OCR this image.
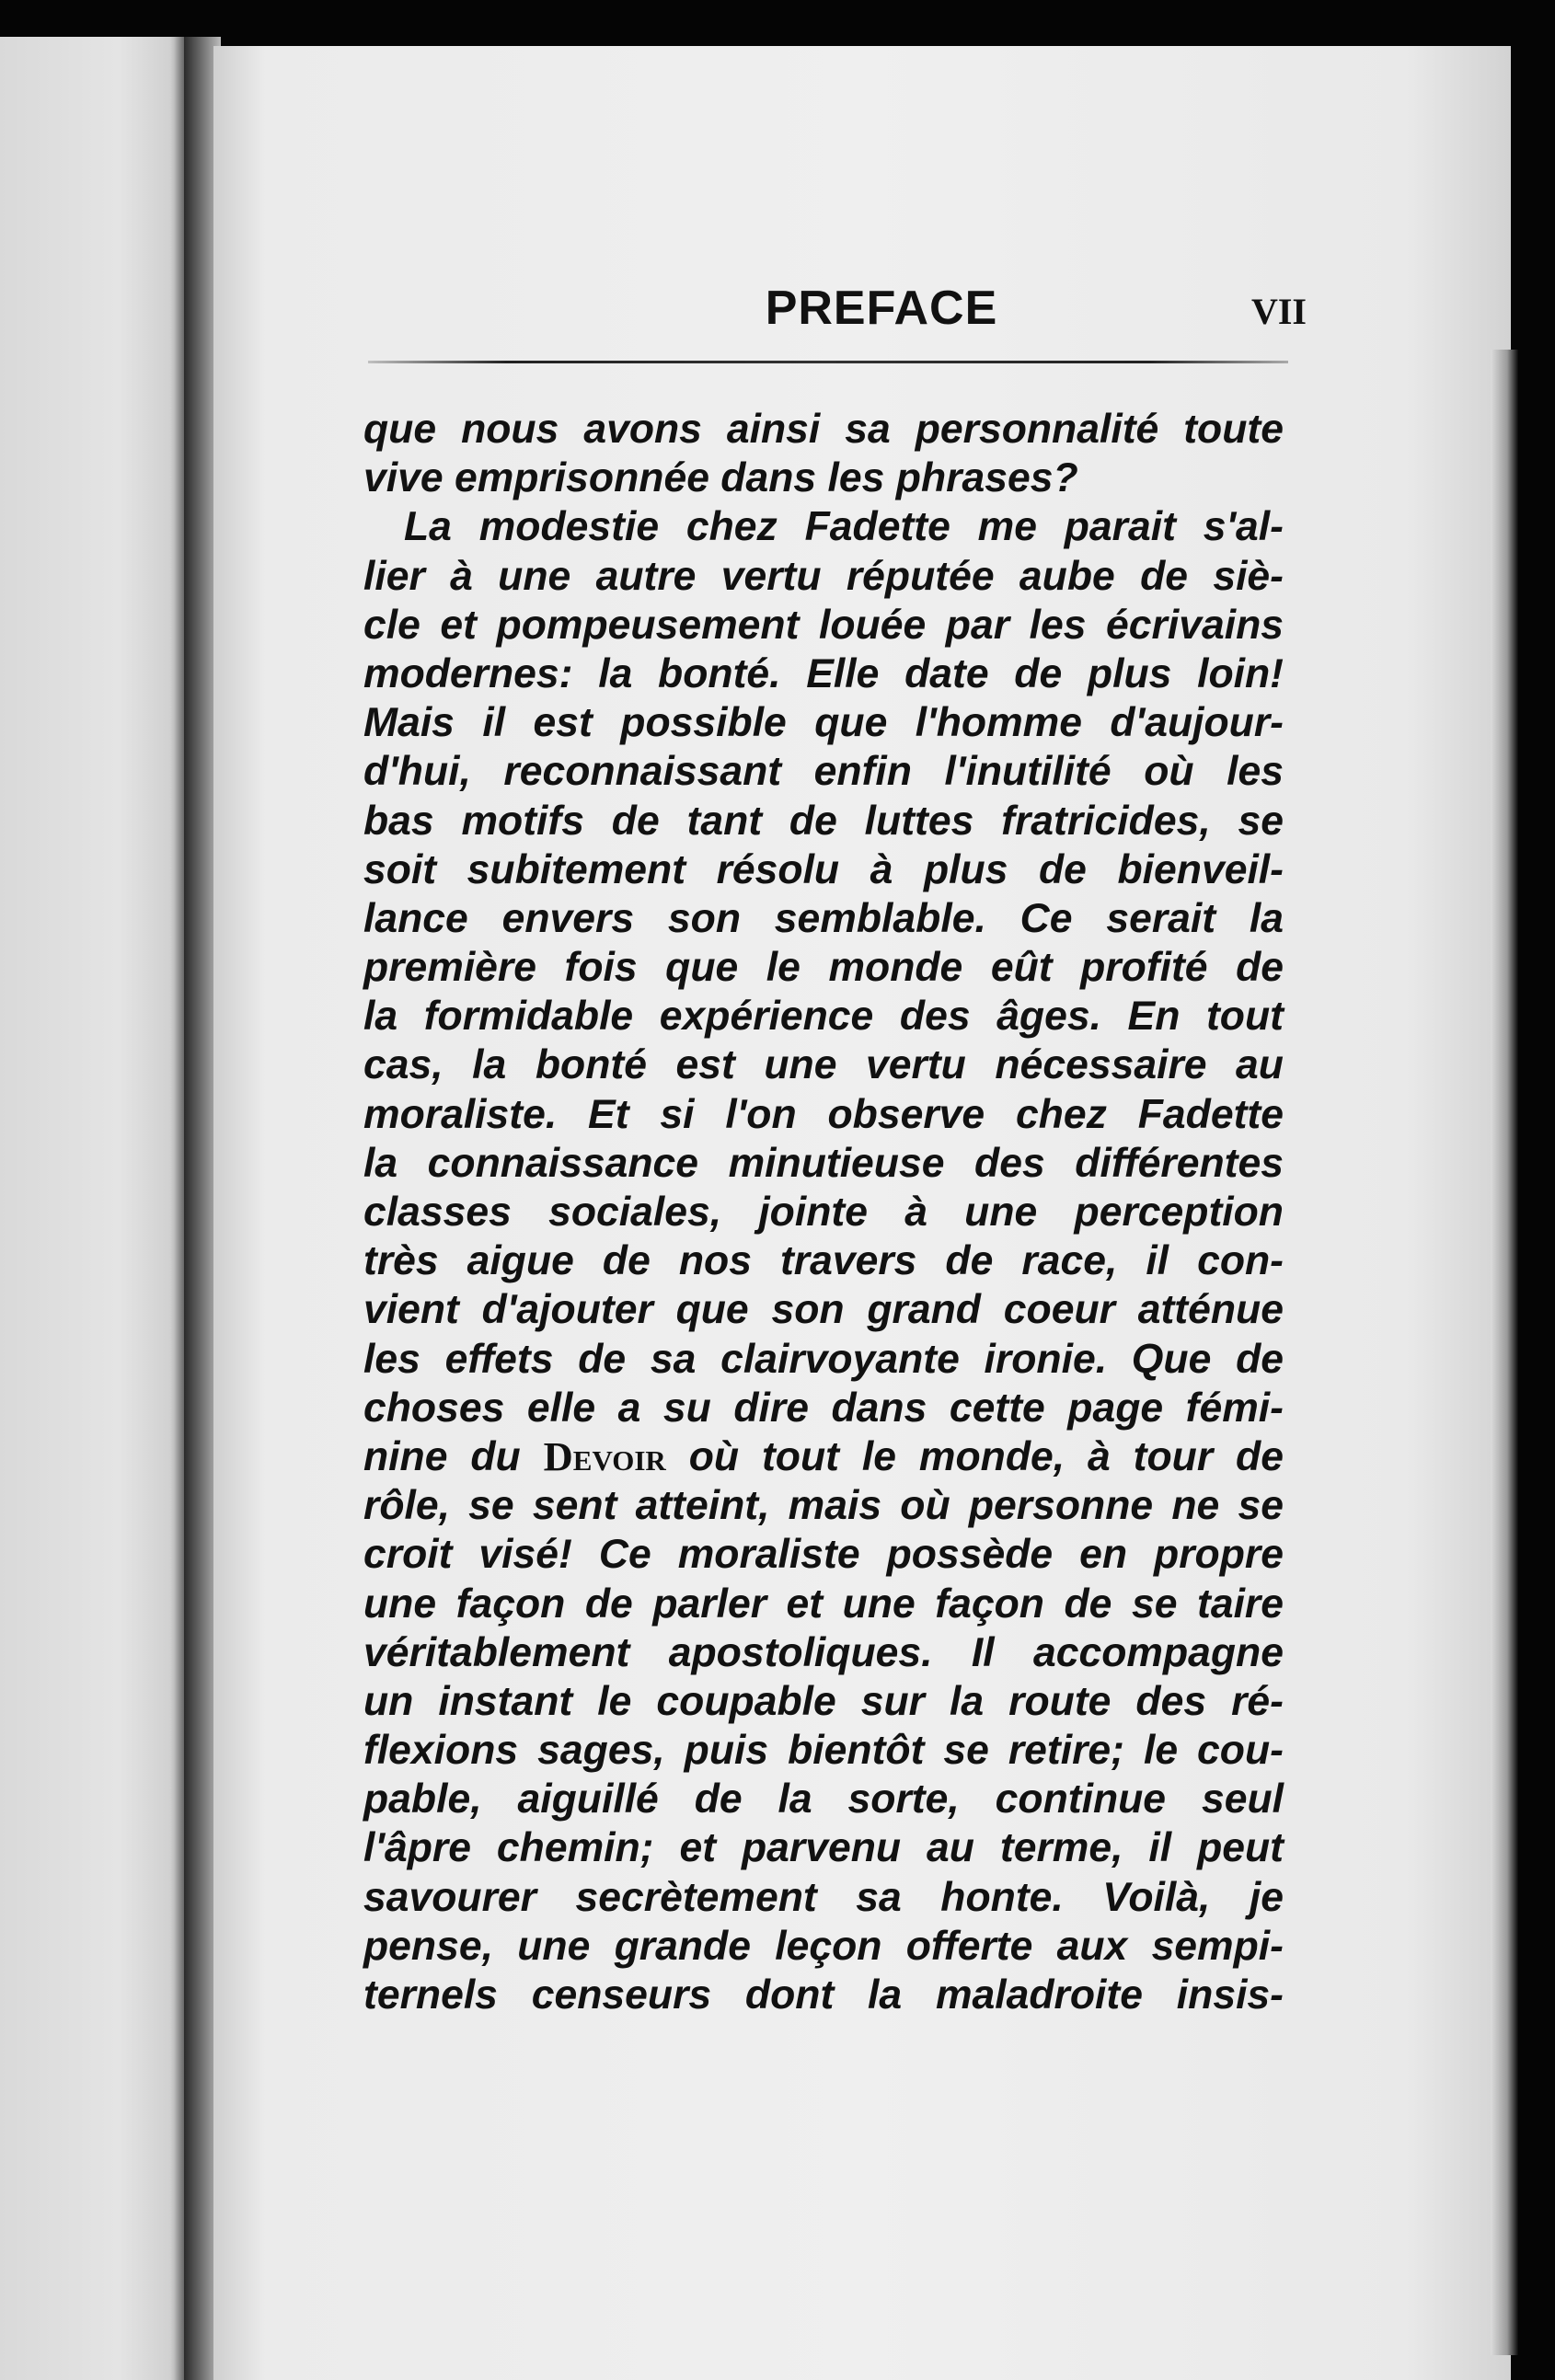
PREFACE	VII
que nous avons ainsi sa personnalité toute
vive emprisonnée dans les phrases?
La modestie chez Fadette me parait s'al-
lier à une autre vertu réputée aube de siè-
cle et pompeusement louée par les écrivains
modernes: la bonté. Elle date de plus loin!
Mais il est possible que l'homme d'aujour-
d'hui, reconnaissant enfin l'inutilité où les
bas motifs de tant de luttes fratricides, se
soit subitement résolu à plus de bienveil-
lance envers son semblable. Ce serait la
première fois que le monde eût profité de
la formidable expérience des âges. En tout
cas, la bonté est une vertu nécessaire au
moraliste. Et si l'on observe chez Fadette
la connaissance minutieuse des différentes
classes sociales, jointe à une perception
très aigue de nos travers de race, il con-
vient d'ajouter que son grand coeur atténue
les effets de sa clairvoyante ironie. Que de
choses elle a su dire dans cette page fémi-
nine du Devoir où tout le monde, à tour de
rôle, se sent atteint, mais où personne ne se
croit visé! Ce moraliste possède en propre
une façon de parler et une façon de se taire
véritablement apostoliques. Il accompagne
un instant le coupable sur la route des ré-
flexions sages, puis bientôt se retire; le cou-
pable, aiguillé de la sorte, continue seul
l'âpre chemin; et parvenu au terme, il peut
savourer secrètement sa honte. Voilà, je
pense, une grande leçon offerte aux sempi-
ternels censeurs dont la maladroite insis-
